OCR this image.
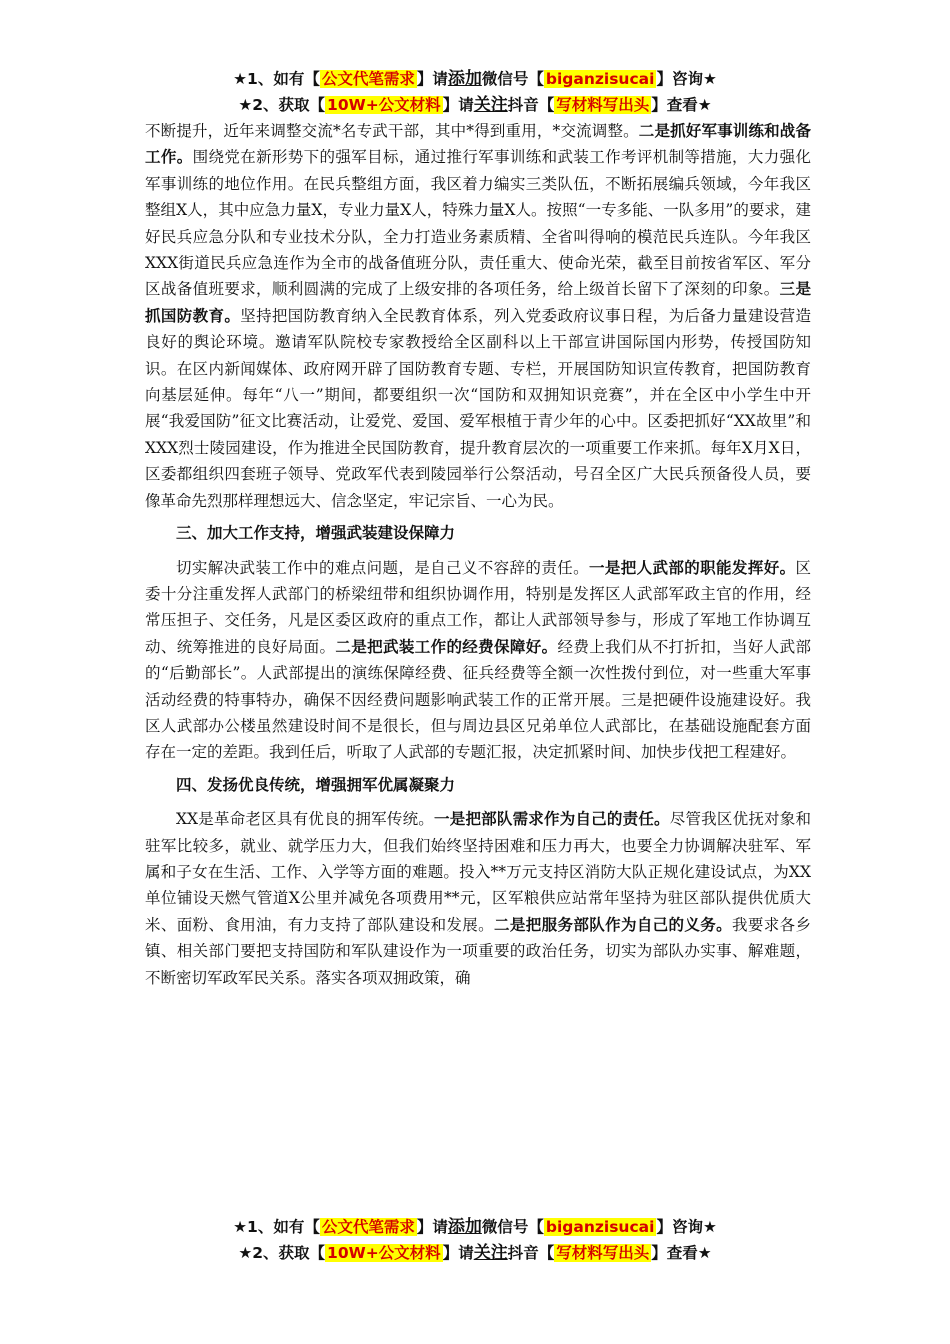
★1、如有【 公文代笔需求 】请添加微信号【 biganzisucai 】咨询★
★2、获取【 10W+公文材料 】请关注抖音【 写材料写出头 】查看★

不断提升，近年来调整交流*名专武干部，其中*得到重用，*交流调整。二是抓好军事训练和战备工作。围绕党在新形势下的强军目标，通过推行军事训练和武装工作考评机制等措施，大力强化军事训练的地位作用。在民兵整组方面，我区着力编实三类队伍，不断拓展编兵领域，今年我区整组X人，其中应急力量X，专业力量X人，特殊力量X人。按照“一专多能、一队多用”的要求，建好民兵应急分队和专业技术分队，全力打造业务素质精、全省叫得响的模范民兵连队。今年我区XXX街道民兵应急连作为全市的战备值班分队，责任重大、使命光荣，截至目前按省军区、军分区战备值班要求，顺利圆满的完成了上级安排的各项任务，给上级首长留下了深刻的印象。三是抓国防教育。坚持把国防教育纳入全民教育体系，列入党委政府议事日程，为后备力量建设营造良好的舆论环境。邀请军队院校专家教授给全区副科以上干部宣讲国际国内形势，传授国防知识。在区内新闻媒体、政府网开辟了国防教育专题、专栏，开展国防知识宣传教育，把国防教育向基层延伸。每年“八一”期间，都要组织一次“国防和双拥知识竞赛”，并在全区中小学生中开展“我爱国防”征文比赛活动，让爱党、爱国、爱军根植于青少年的心中。区委把抓好“XX故里”和XXX烈士陵园建设，作为推进全民国防教育，提升教育层次的一项重要工作来抓。每年X月X日，区委都组织四套班子领导、党政军代表到陵园举行公祭活动，号召全区广大民兵预备役人员，要像革命先烈那样理想远大、信念坚定，牢记宗旨、一心为民。

三、加大工作支持，增强武装建设保障力

切实解决武装工作中的难点问题，是自己义不容辞的责任。一是把人武部的职能发挥好。区委十分注重发挥人武部门的桥梁纽带和组织协调作用，特别是发挥区人武部军政主官的作用，经常压担子、交任务，凡是区委区政府的重点工作，都让人武部领导参与，形成了军地工作协调互动、统筹推进的良好局面。二是把武装工作的经费保障好。经费上我们从不打折扣，当好人武部的“后勤部长”。人武部提出的演练保障经费、征兵经费等全额一次性拨付到位，对一些重大军事活动经费的特事特办，确保不因经费问题影响武装工作的正常开展。三是把硬件设施建设好。我区人武部办公楼虽然建设时间不是很长，但与周边县区兄弟单位人武部比，在基础设施配套方面存在一定的差距。我到任后，听取了人武部的专题汇报，决定抓紧时间、加快步伐把工程建好。

四、发扬优良传统，增强拥军优属凝聚力

XX是革命老区具有优良的拥军传统。一是把部队需求作为自己的责任。尽管我区优抚对象和驻军比较多，就业、就学压力大，但我们始终坚持困难和压力再大，也要全力协调解决驻军、军属和子女在生活、工作、入学等方面的难题。投入**万元支持区消防大队正规化建设试点，为XX单位铺设天燃气管道X公里并减免各项费用**元，区军粮供应站常年坚持为驻区部队提供优质大米、面粉、食用油，有力支持了部队建设和发展。二是把服务部队作为自己的义务。我要求各乡镇、相关部门要把支持国防和军队建设作为一项重要的政治任务，切实为部队办实事、解难题，不断密切军政军民关系。落实各项双拥政策，确

★1、如有【 公文代笔需求 】请添加微信号【 biganzisucai 】咨询★
★2、获取【 10W+公文材料 】请关注抖音【 写材料写出头 】查看★
